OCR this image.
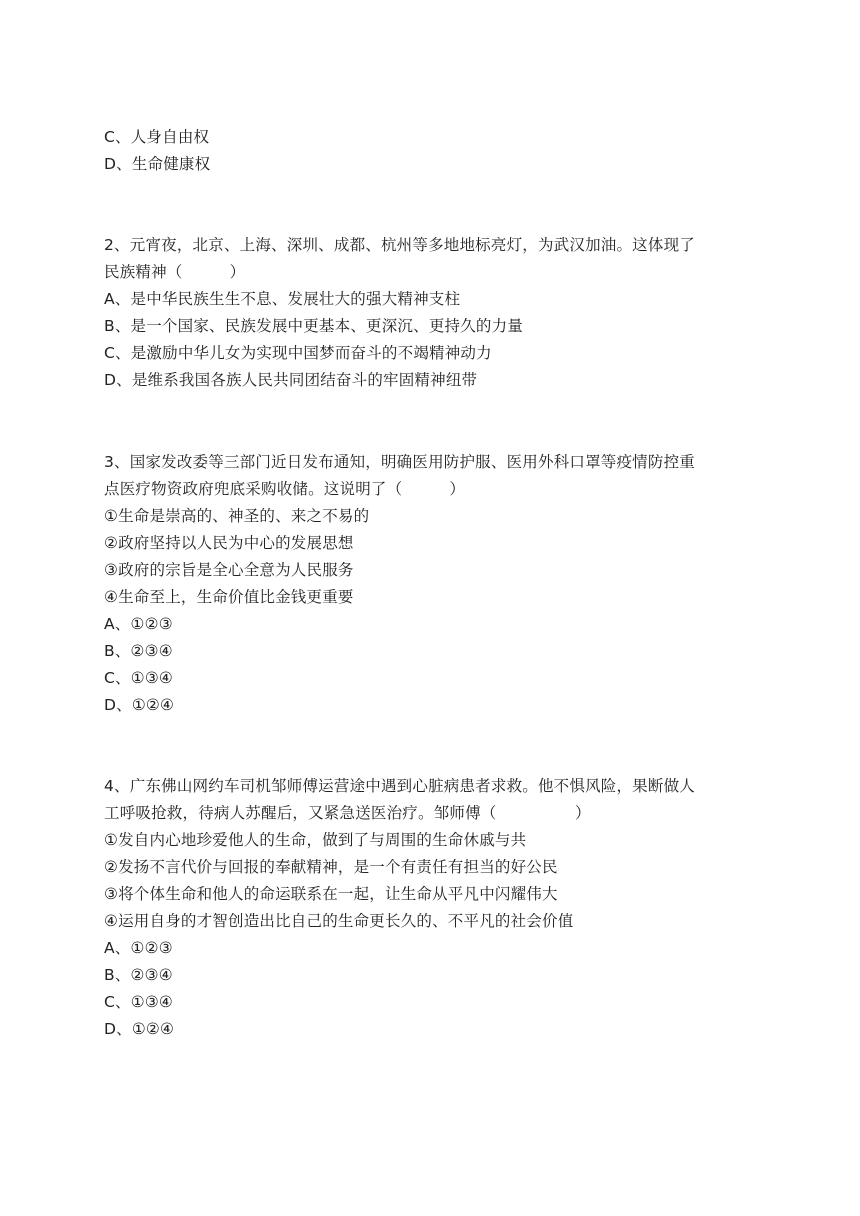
C、人身自由权
D、生命健康权
2、元宵夜，北京、上海、深圳、成都、杭州等多地地标亮灯，为武汉加油。这体现了
民族精神（　　　）
A、是中华民族生生不息、发展壮大的强大精神支柱
B、是一个国家、民族发展中更基本、更深沉、更持久的力量
C、是激励中华儿女为实现中国梦而奋斗的不竭精神动力
D、是维系我国各族人民共同团结奋斗的牢固精神纽带
3、国家发改委等三部门近日发布通知，明确医用防护服、医用外科口罩等疫情防控重
点医疗物资政府兜底采购收储。这说明了（　　　）
①生命是崇高的、神圣的、来之不易的
②政府坚持以人民为中心的发展思想
③政府的宗旨是全心全意为人民服务
④生命至上，生命价值比金钱更重要
A、①②③
B、②③④
C、①③④
D、①②④
4、广东佛山网约车司机邹师傅运营途中遇到心脏病患者求救。他不惧风险，果断做人
工呼吸抢救，待病人苏醒后，又紧急送医治疗。邹师傅（　　　　　）
①发自内心地珍爱他人的生命，做到了与周围的生命休戚与共
②发扬不言代价与回报的奉献精神，是一个有责任有担当的好公民
③将个体生命和他人的命运联系在一起，让生命从平凡中闪耀伟大
④运用自身的才智创造出比自己的生命更长久的、不平凡的社会价值
A、①②③
B、②③④
C、①③④
D、①②④
